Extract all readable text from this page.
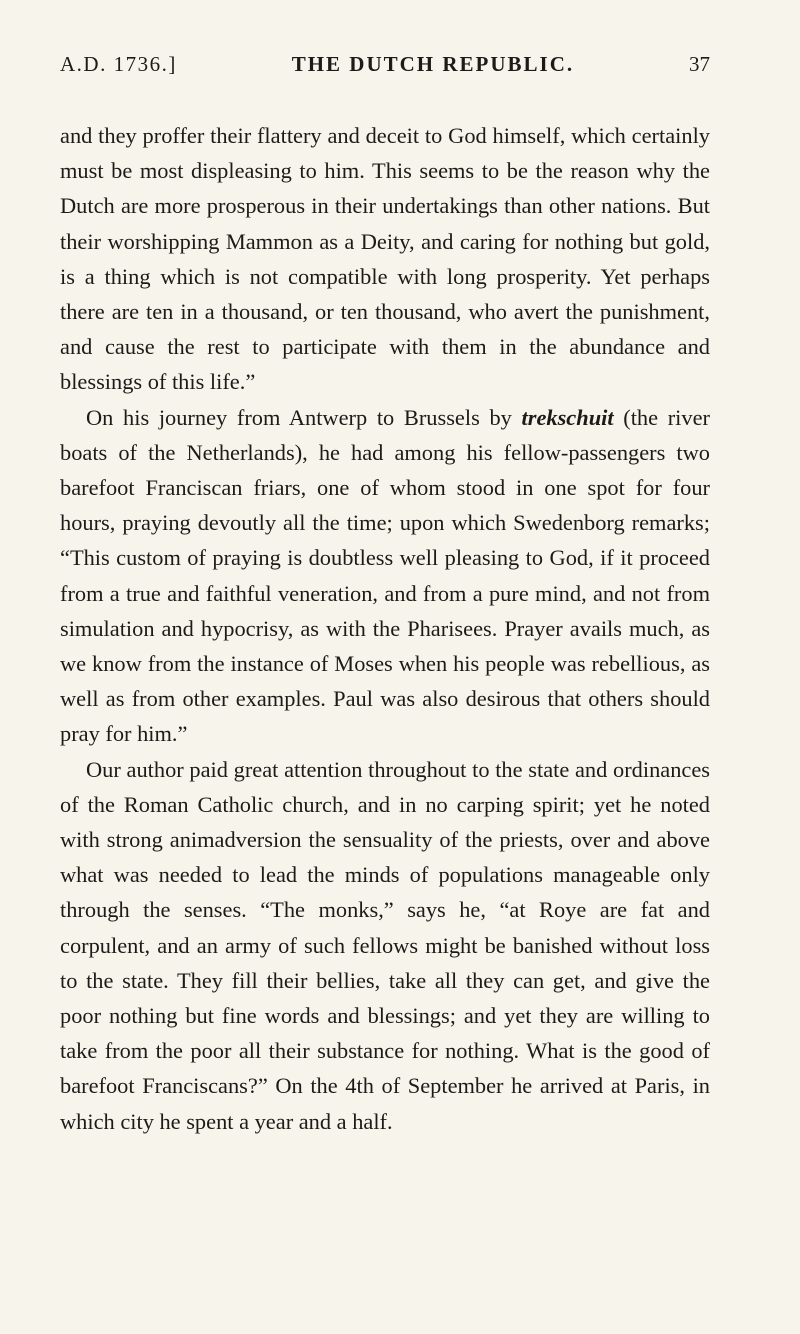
A.D. 1736.]	THE DUTCH REPUBLIC.	37

and they proffer their flattery and deceit to God himself, which certainly must be most displeasing to him. This seems to be the reason why the Dutch are more prosperous in their undertakings than other nations. But their worshipping Mammon as a Deity, and caring for nothing but gold, is a thing which is not compatible with long prosperity. Yet perhaps there are ten in a thousand, or ten thousand, who avert the punishment, and cause the rest to participate with them in the abundance and blessings of this life.”

On his journey from Antwerp to Brussels by trekschuit (the river boats of the Netherlands), he had among his fellow-passengers two barefoot Franciscan friars, one of whom stood in one spot for four hours, praying devoutly all the time; upon which Swedenborg remarks; “This custom of praying is doubtless well pleasing to God, if it proceed from a true and faithful veneration, and from a pure mind, and not from simulation and hypocrisy, as with the Pharisees. Prayer avails much, as we know from the instance of Moses when his people was rebellious, as well as from other examples. Paul was also desirous that others should pray for him.”

Our author paid great attention throughout to the state and ordinances of the Roman Catholic church, and in no carping spirit; yet he noted with strong animadversion the sensuality of the priests, over and above what was needed to lead the minds of populations manageable only through the senses. “The monks,” says he, “at Roye are fat and corpulent, and an army of such fellows might be banished without loss to the state. They fill their bellies, take all they can get, and give the poor nothing but fine words and blessings; and yet they are willing to take from the poor all their substance for nothing. What is the good of barefoot Franciscans?” On the 4th of September he arrived at Paris, in which city he spent a year and a half.
